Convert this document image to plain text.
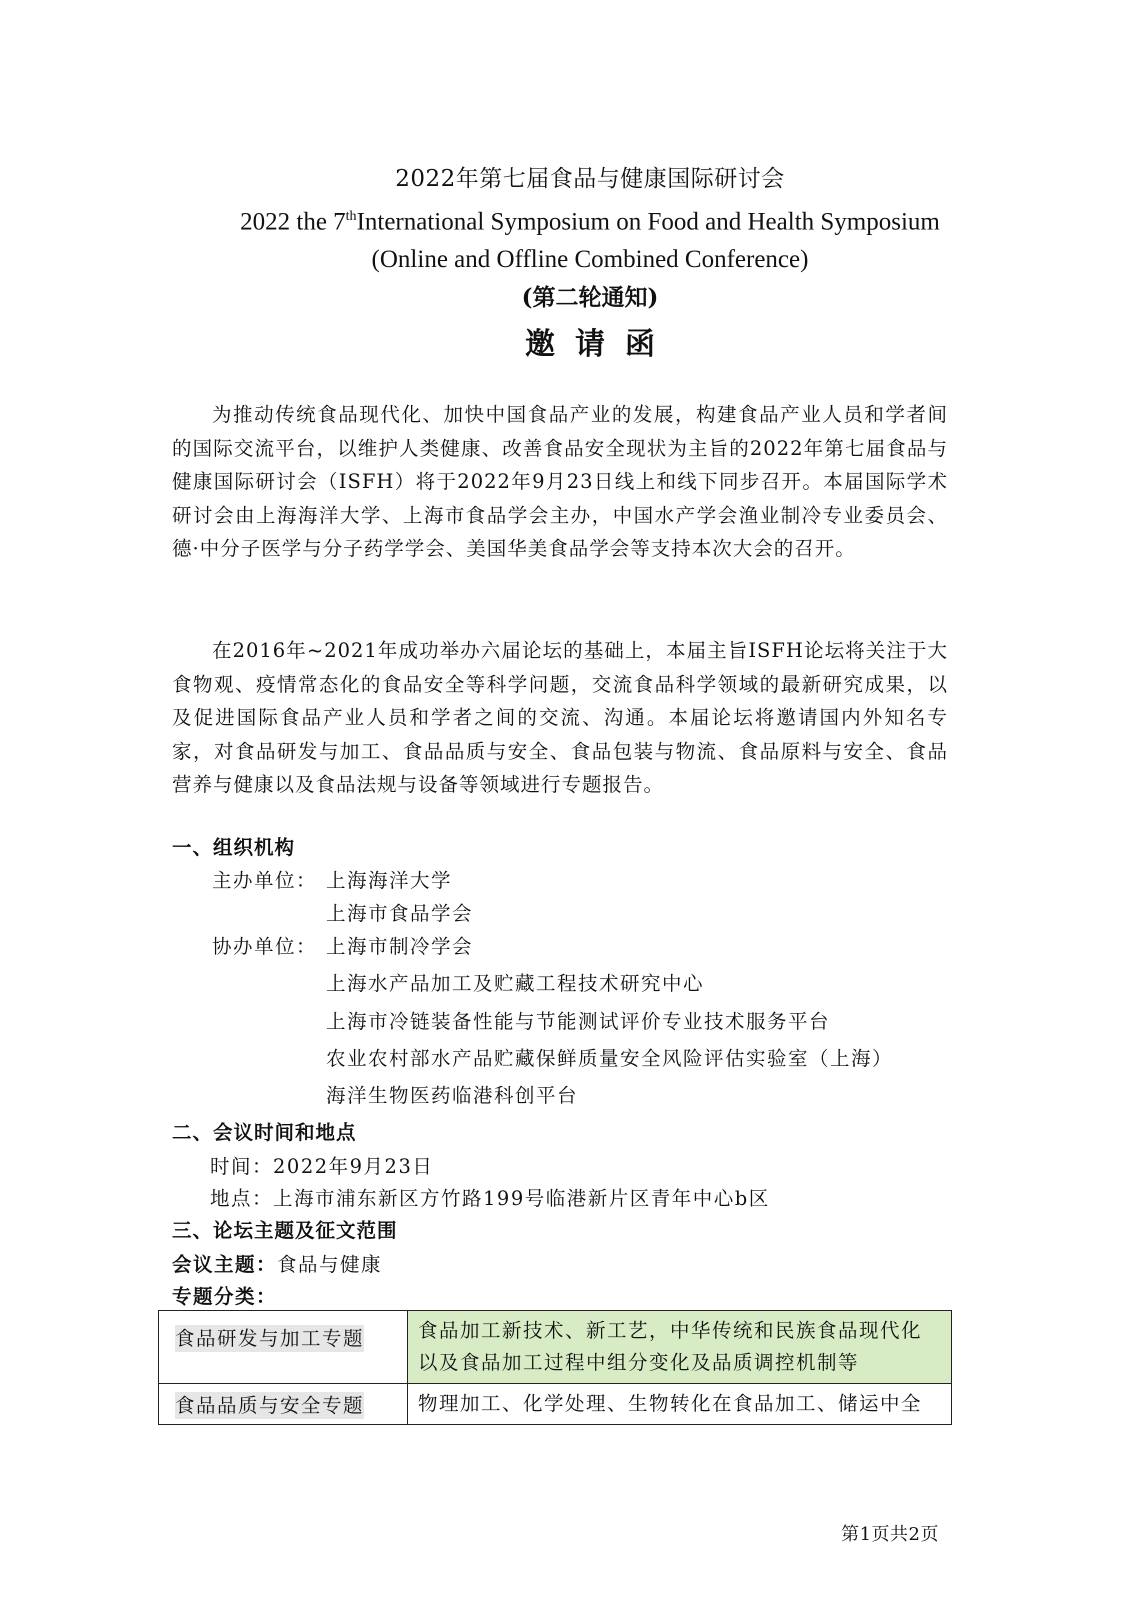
2022年第七届食品与健康国际研讨会
2022 the 7thInternational Symposium on Food and Health Symposium
(Online and Offline Combined Conference)
(第二轮通知)
邀请函
为推动传统食品现代化、加快中国食品产业的发展，构建食品产业人员和学者间的国际交流平台，以维护人类健康、改善食品安全现状为主旨的2022年第七届食品与健康国际研讨会（ISFH）将于2022年9月23日线上和线下同步召开。本届国际学术研讨会由上海海洋大学、上海市食品学会主办，中国水产学会渔业制冷专业委员会、德·中分子医学与分子药学学会、美国华美食品学会等支持本次大会的召开。
在2016年~2021年成功举办六届论坛的基础上，本届主旨ISFH论坛将关注于大食物观、疫情常态化的食品安全等科学问题，交流食品科学领域的最新研究成果，以及促进国际食品产业人员和学者之间的交流、沟通。本届论坛将邀请国内外知名专家，对食品研发与加工、食品品质与安全、食品包装与物流、食品原料与安全、食品营养与健康以及食品法规与设备等领域进行专题报告。
一、组织机构
主办单位： 上海海洋大学
上海市食品学会
协办单位： 上海市制冷学会
上海水产品加工及贮藏工程技术研究中心
上海市冷链装备性能与节能测试评价专业技术服务平台
农业农村部水产品贮藏保鲜质量安全风险评估实验室（上海）
海洋生物医药临港科创平台
二、会议时间和地点
时间：2022年9月23日
地点：上海市浦东新区方竹路199号临港新片区青年中心b区
三、论坛主题及征文范围
会议主题：食品与健康
专题分类：
食品研发与加工专题	食品加工新技术、新工艺，中华传统和民族食品现代化以及食品加工过程中组分变化及品质调控机制等
食品品质与安全专题	物理加工、化学处理、生物转化在食品加工、储运中全
第1页共2页
